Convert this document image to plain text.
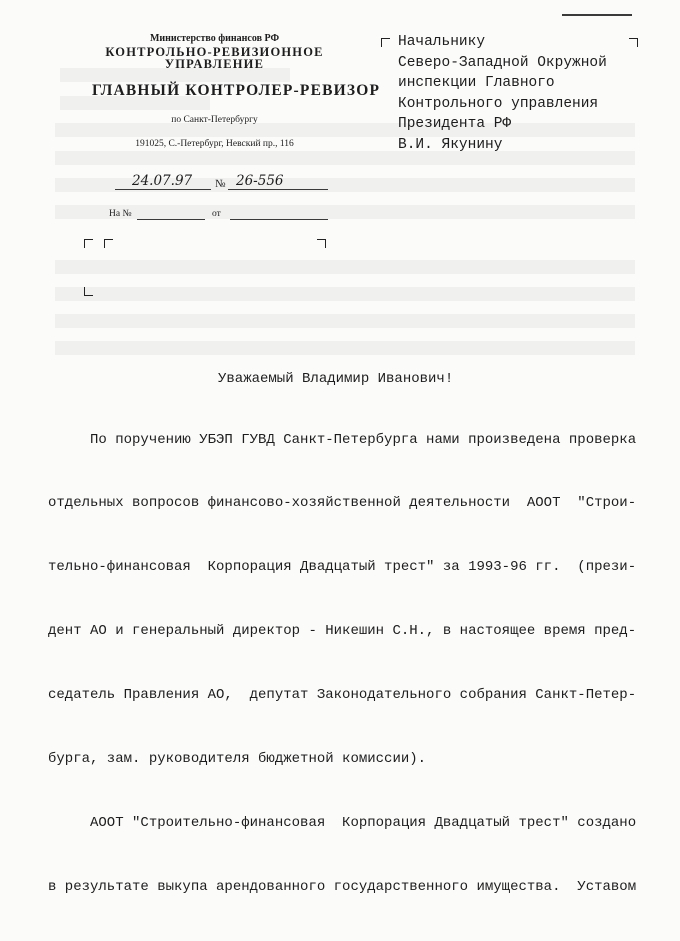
Министерство финансов РФ
КОНТРОЛЬНО-РЕВИЗИОННОЕ
УПРАВЛЕНИЕ
ГЛАВНЫЙ КОНТРОЛЕР-РЕВИЗОР
по Санкт-Петербургу
191025, С.-Петербург, Невский пр., 116
24.07.97 № 26-556
На №	от
Начальнику
Северо-Западной Окружной
инспекции Главного
Контрольного управления
Президента РФ
В.И. Якунину
Уважаемый Владимир Иванович!

По поручению УБЭП ГУВД Санкт-Петербурга нами произведена проверка

отдельных вопросов финансово-хозяйственной деятельности  АООТ  "Строи-

тельно-финансовая  Корпорация Двадцатый трест" за 1993-96 гг.  (прези-

дент АО и генеральный директор - Никешин С.Н., в настоящее время пред-

седатель Правления АО,  депутат Законодательного собрания Санкт-Петер-

бурга, зам. руководителя бюджетной комиссии).

АООТ "Строительно-финансовая  Корпорация Двадцатый трест" создано

в результате выкупа арендованного государственного имущества.  Уставом
